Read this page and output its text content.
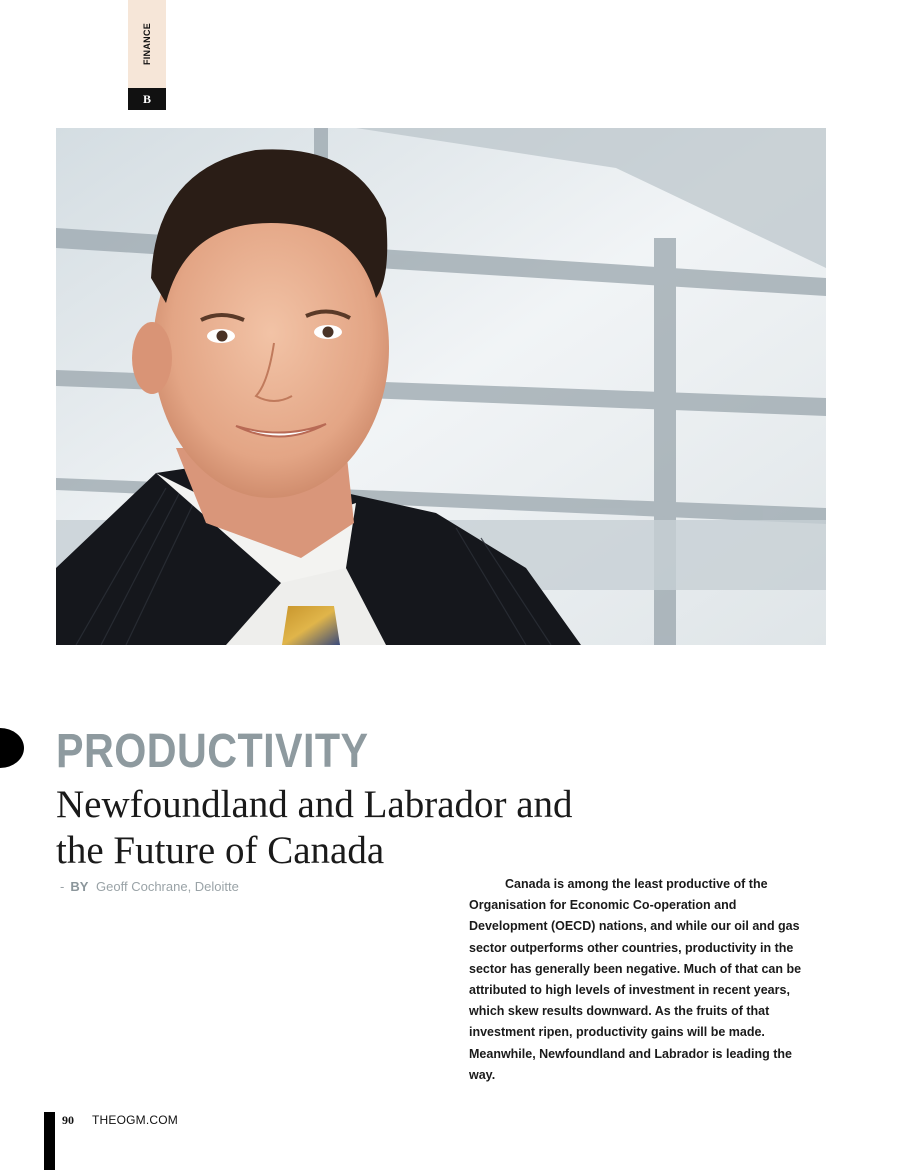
FINANCE
B
PRODUCTIVITY
Newfoundland and Labrador and
the Future of Canada
- BY Geoff Cochrane, Deloitte	Canada is among the least productive of the Organisation for Economic Co-operation and Development (OECD) nations, and while our oil and gas sector outperforms other countries, productivity in the sector has generally been negative. Much of that can be attributed to high levels of investment in recent years, which skew results downward. As the fruits of that investment ripen, productivity gains will be made. Meanwhile, Newfoundland and Labrador is leading the way.

90 THEOGM.COM
